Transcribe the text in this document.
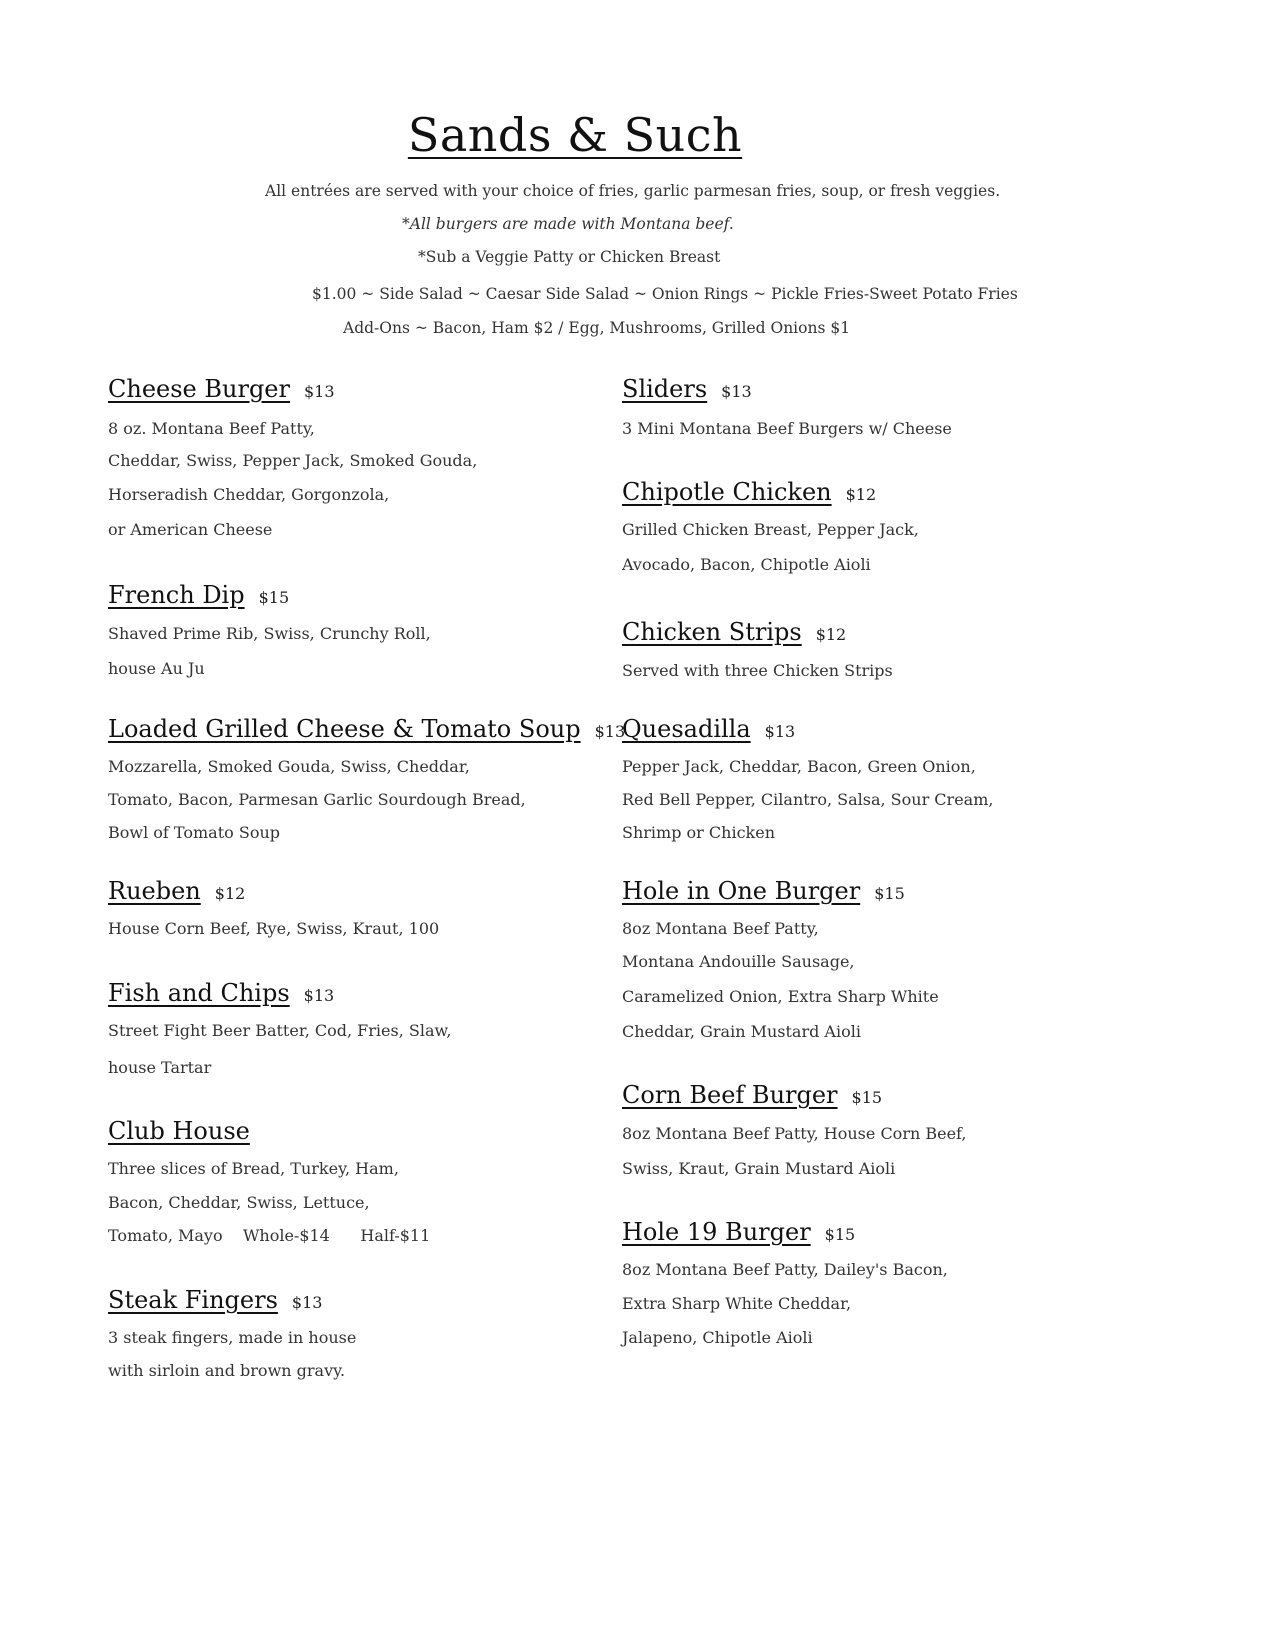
Sands & Such
All entrées are served with your choice of fries, garlic parmesan fries, soup, or fresh veggies.
*All burgers are made with Montana beef.
*Sub a Veggie Patty or Chicken Breast
$1.00 ~ Side Salad ~ Caesar Side Salad ~ Onion Rings ~ Pickle Fries-Sweet Potato Fries
Add-Ons ~ Bacon, Ham $2 / Egg, Mushrooms, Grilled Onions $1
Cheese Burger $13
8 oz. Montana Beef Patty,
Cheddar, Swiss, Pepper Jack, Smoked Gouda,
Horseradish Cheddar, Gorgonzola,
or American Cheese
French Dip $15
Shaved Prime Rib, Swiss, Crunchy Roll,
house Au Ju
Loaded Grilled Cheese & Tomato Soup $13
Mozzarella, Smoked Gouda, Swiss, Cheddar,
Tomato, Bacon, Parmesan Garlic Sourdough Bread,
Bowl of Tomato Soup
Rueben $12
House Corn Beef, Rye, Swiss, Kraut, 100
Fish and Chips $13
Street Fight Beer Batter, Cod, Fries, Slaw,
house Tartar
Club House
Three slices of Bread, Turkey, Ham,
Bacon, Cheddar, Swiss, Lettuce,
Tomato, Mayo    Whole-$14      Half-$11
Steak Fingers $13
3 steak fingers, made in house
with sirloin and brown gravy.
Sliders $13
3 Mini Montana Beef Burgers w/ Cheese
Chipotle Chicken $12
Grilled Chicken Breast, Pepper Jack,
Avocado, Bacon, Chipotle Aioli
Chicken Strips $12
Served with three Chicken Strips
Quesadilla $13
Pepper Jack, Cheddar, Bacon, Green Onion,
Red Bell Pepper, Cilantro, Salsa, Sour Cream,
Shrimp or Chicken
Hole in One Burger $15
8oz Montana Beef Patty,
Montana Andouille Sausage,
Caramelized Onion, Extra Sharp White
Cheddar, Grain Mustard Aioli
Corn Beef Burger $15
8oz Montana Beef Patty, House Corn Beef,
Swiss, Kraut, Grain Mustard Aioli
Hole 19 Burger $15
8oz Montana Beef Patty, Dailey's Bacon,
Extra Sharp White Cheddar,
Jalapeno, Chipotle Aioli
